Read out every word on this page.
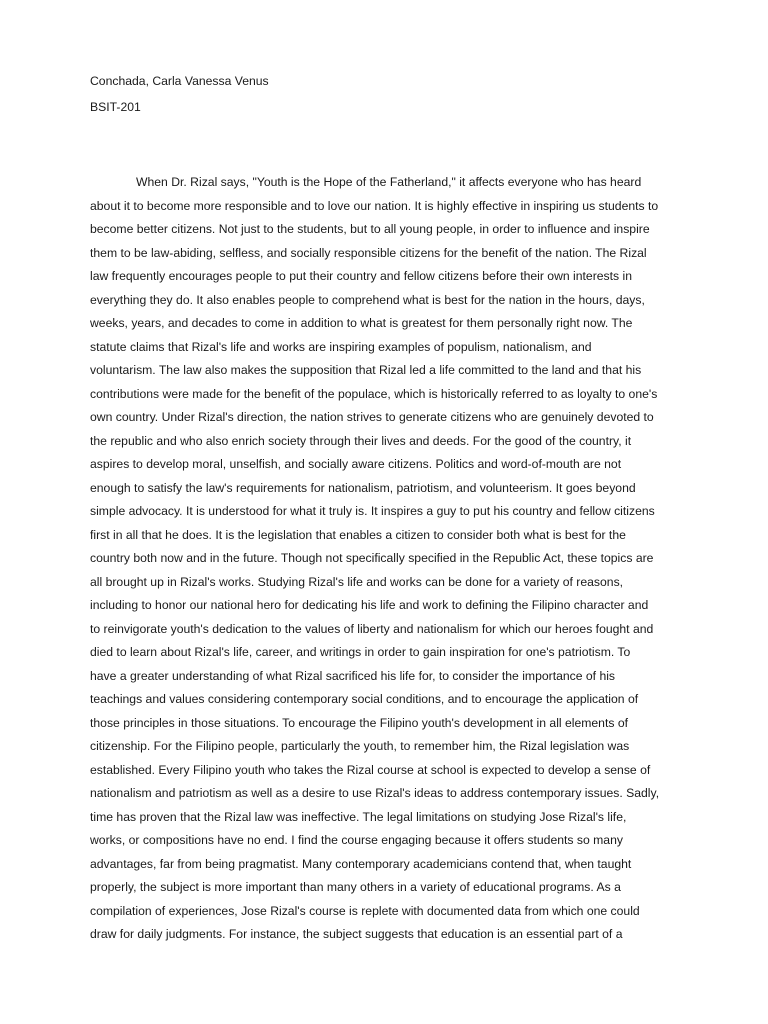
Conchada, Carla Vanessa Venus
BSIT-201
When Dr. Rizal says, "Youth is the Hope of the Fatherland," it affects everyone who has heard
about it to become more responsible and to love our nation. It is highly effective in inspiring us students to
become better citizens. Not just to the students, but to all young people, in order to influence and inspire
them to be law-abiding, selfless, and socially responsible citizens for the benefit of the nation. The Rizal
law frequently encourages people to put their country and fellow citizens before their own interests in
everything they do. It also enables people to comprehend what is best for the nation in the hours, days,
weeks, years, and decades to come in addition to what is greatest for them personally right now. The
statute claims that Rizal's life and works are inspiring examples of populism, nationalism, and
voluntarism. The law also makes the supposition that Rizal led a life committed to the land and that his
contributions were made for the benefit of the populace, which is historically referred to as loyalty to one's
own country. Under Rizal's direction, the nation strives to generate citizens who are genuinely devoted to
the republic and who also enrich society through their lives and deeds. For the good of the country, it
aspires to develop moral, unselfish, and socially aware citizens. Politics and word-of-mouth are not
enough to satisfy the law's requirements for nationalism, patriotism, and volunteerism. It goes beyond
simple advocacy. It is understood for what it truly is. It inspires a guy to put his country and fellow citizens
first in all that he does. It is the legislation that enables a citizen to consider both what is best for the
country both now and in the future. Though not specifically specified in the Republic Act, these topics are
all brought up in Rizal's works. Studying Rizal's life and works can be done for a variety of reasons,
including to honor our national hero for dedicating his life and work to defining the Filipino character and
to reinvigorate youth's dedication to the values of liberty and nationalism for which our heroes fought and
died to learn about Rizal's life, career, and writings in order to gain inspiration for one's patriotism. To
have a greater understanding of what Rizal sacrificed his life for, to consider the importance of his
teachings and values considering contemporary social conditions, and to encourage the application of
those principles in those situations. To encourage the Filipino youth's development in all elements of
citizenship. For the Filipino people, particularly the youth, to remember him, the Rizal legislation was
established. Every Filipino youth who takes the Rizal course at school is expected to develop a sense of
nationalism and patriotism as well as a desire to use Rizal's ideas to address contemporary issues. Sadly,
time has proven that the Rizal law was ineffective. The legal limitations on studying Jose Rizal's life,
works, or compositions have no end. I find the course engaging because it offers students so many
advantages, far from being pragmatist. Many contemporary academicians contend that, when taught
properly, the subject is more important than many others in a variety of educational programs. As a
compilation of experiences, Jose Rizal's course is replete with documented data from which one could
draw for daily judgments. For instance, the subject suggests that education is an essential part of a
